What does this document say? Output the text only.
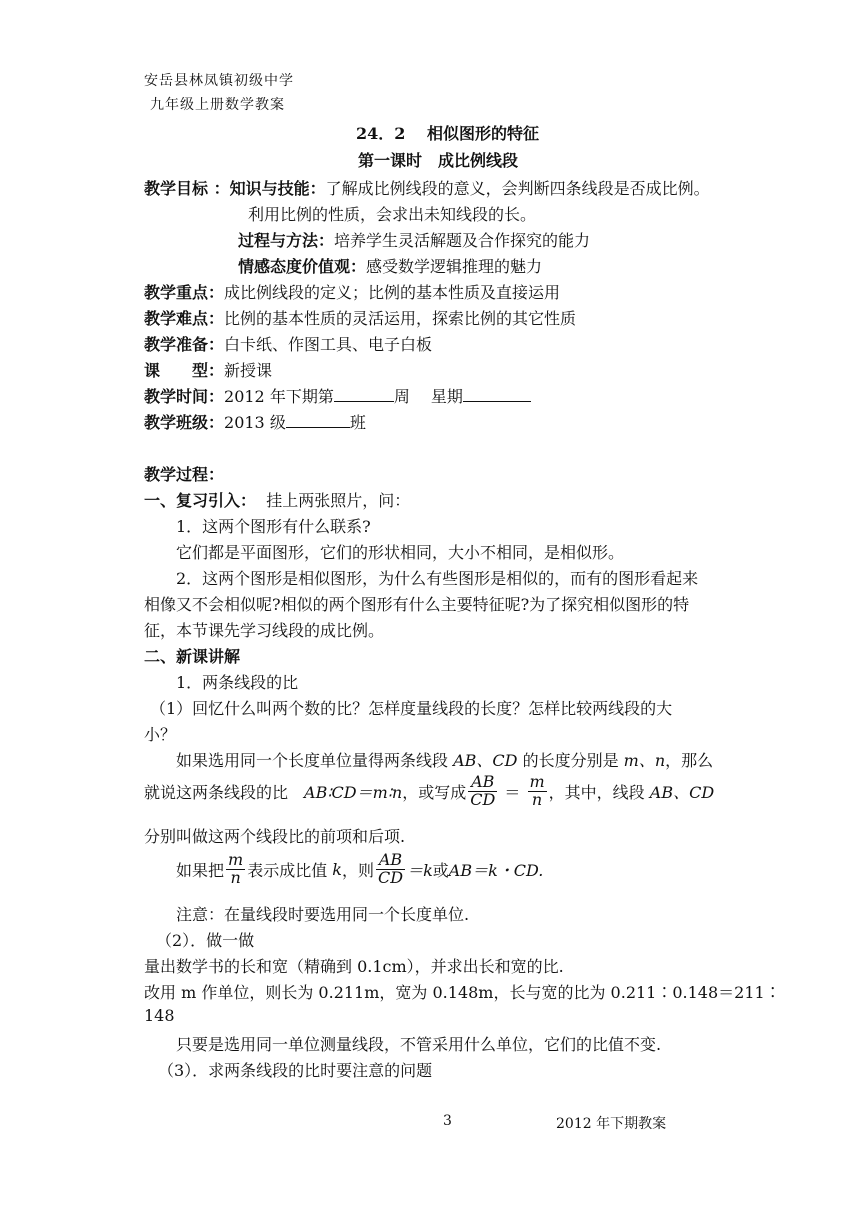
安岳县林凤镇初级中学
九年级上册数学教案
24．2　 相似图形的特征
第一课时　成比例线段
教学目标 ：知识与技能：了解成比例线段的意义，会判断四条线段是否成比例。
利用比例的性质，会求出未知线段的长。
过程与方法：培养学生灵活解题及合作探究的能力
情感态度价值观：感受数学逻辑推理的魅力
教学重点：成比例线段的定义；比例的基本性质及直接运用
教学难点：比例的基本性质的灵活运用，探索比例的其它性质
教学准备：白卡纸、作图工具、电子白板
课　　型：新授课
教学时间：2012 年下期第	周　 星期
教学班级：2013 级	班
教学过程：
一、复习引入： 挂上两张照片，问：
1．这两个图形有什么联系?
它们都是平面图形，它们的形状相同，大小不相同，是相似形。
2．这两个图形是相似图形，为什么有些图形是相似的，而有的图形看起来
相像又不会相似呢?相似的两个图形有什么主要特征呢?为了探究相似图形的特
征，本节课先学习线段的成比例。
二、新课讲解
1．两条线段的比
（1）回忆什么叫两个数的比？怎样度量线段的长度？怎样比较两线段的大
小？
如果选用同一个长度单位量得两条线段 AB、CD 的长度分别是 m、n，那么
就说这两条线段的比　AB∶CD＝m∶n，或写成 $\frac{AB}{CD} = \frac{m}{n}$ ，其中，线段 AB、CD
分别叫做这两个线段比的前项和后项.
如果把 $\frac{m}{n}$ 表示成比值 k，则 $\frac{AB}{CD} =k$或AB＝k・CD.
注意：在量线段时要选用同一个长度单位.
（2）．做一做
量出数学书的长和宽（精确到 0.1cm），并求出长和宽的比.
改用 m 作单位，则长为 0.211m，宽为 0.148m，长与宽的比为 0.211∶0.148＝211∶
148
只要是选用同一单位测量线段，不管采用什么单位，它们的比值不变.
（3）．求两条线段的比时要注意的问题
3	2012 年下期教案
